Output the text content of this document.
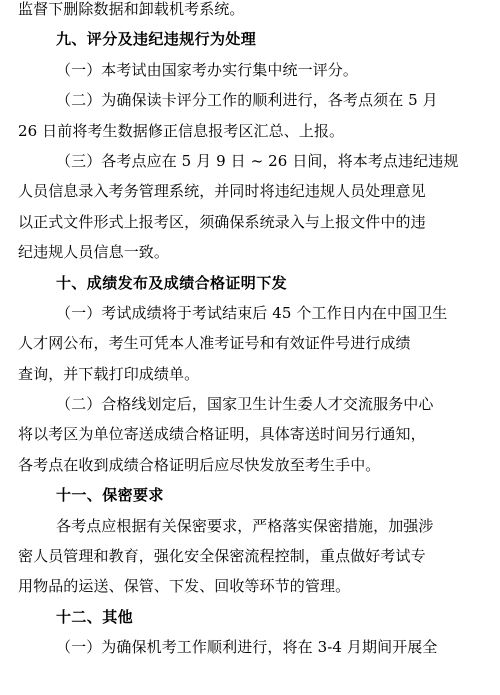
监督下删除数据和卸载机考系统。
九、评分及违纪违规行为处理
（一）本考试由国家考办实行集中统一评分。
（二）为确保读卡评分工作的顺利进行，各考点须在 5 月
26 日前将考生数据修正信息报考区汇总、上报。
（三）各考点应在 5 月 9 日 ~ 26 日间，将本考点违纪违规
人员信息录入考务管理系统，并同时将违纪违规人员处理意见
以正式文件形式上报考区，须确保系统录入与上报文件中的违
纪违规人员信息一致。
十、成绩发布及成绩合格证明下发
（一）考试成绩将于考试结束后 45 个工作日内在中国卫生
人才网公布，考生可凭本人准考证号和有效证件号进行成绩
查询，并下载打印成绩单。
（二）合格线划定后，国家卫生计生委人才交流服务中心
将以考区为单位寄送成绩合格证明，具体寄送时间另行通知，
各考点在收到成绩合格证明后应尽快发放至考生手中。
十一、保密要求
各考点应根据有关保密要求，严格落实保密措施，加强涉
密人员管理和教育，强化安全保密流程控制，重点做好考试专
用物品的运送、保管、下发、回收等环节的管理。
十二、其他
（一）为确保机考工作顺利进行，将在 3-4 月期间开展全
